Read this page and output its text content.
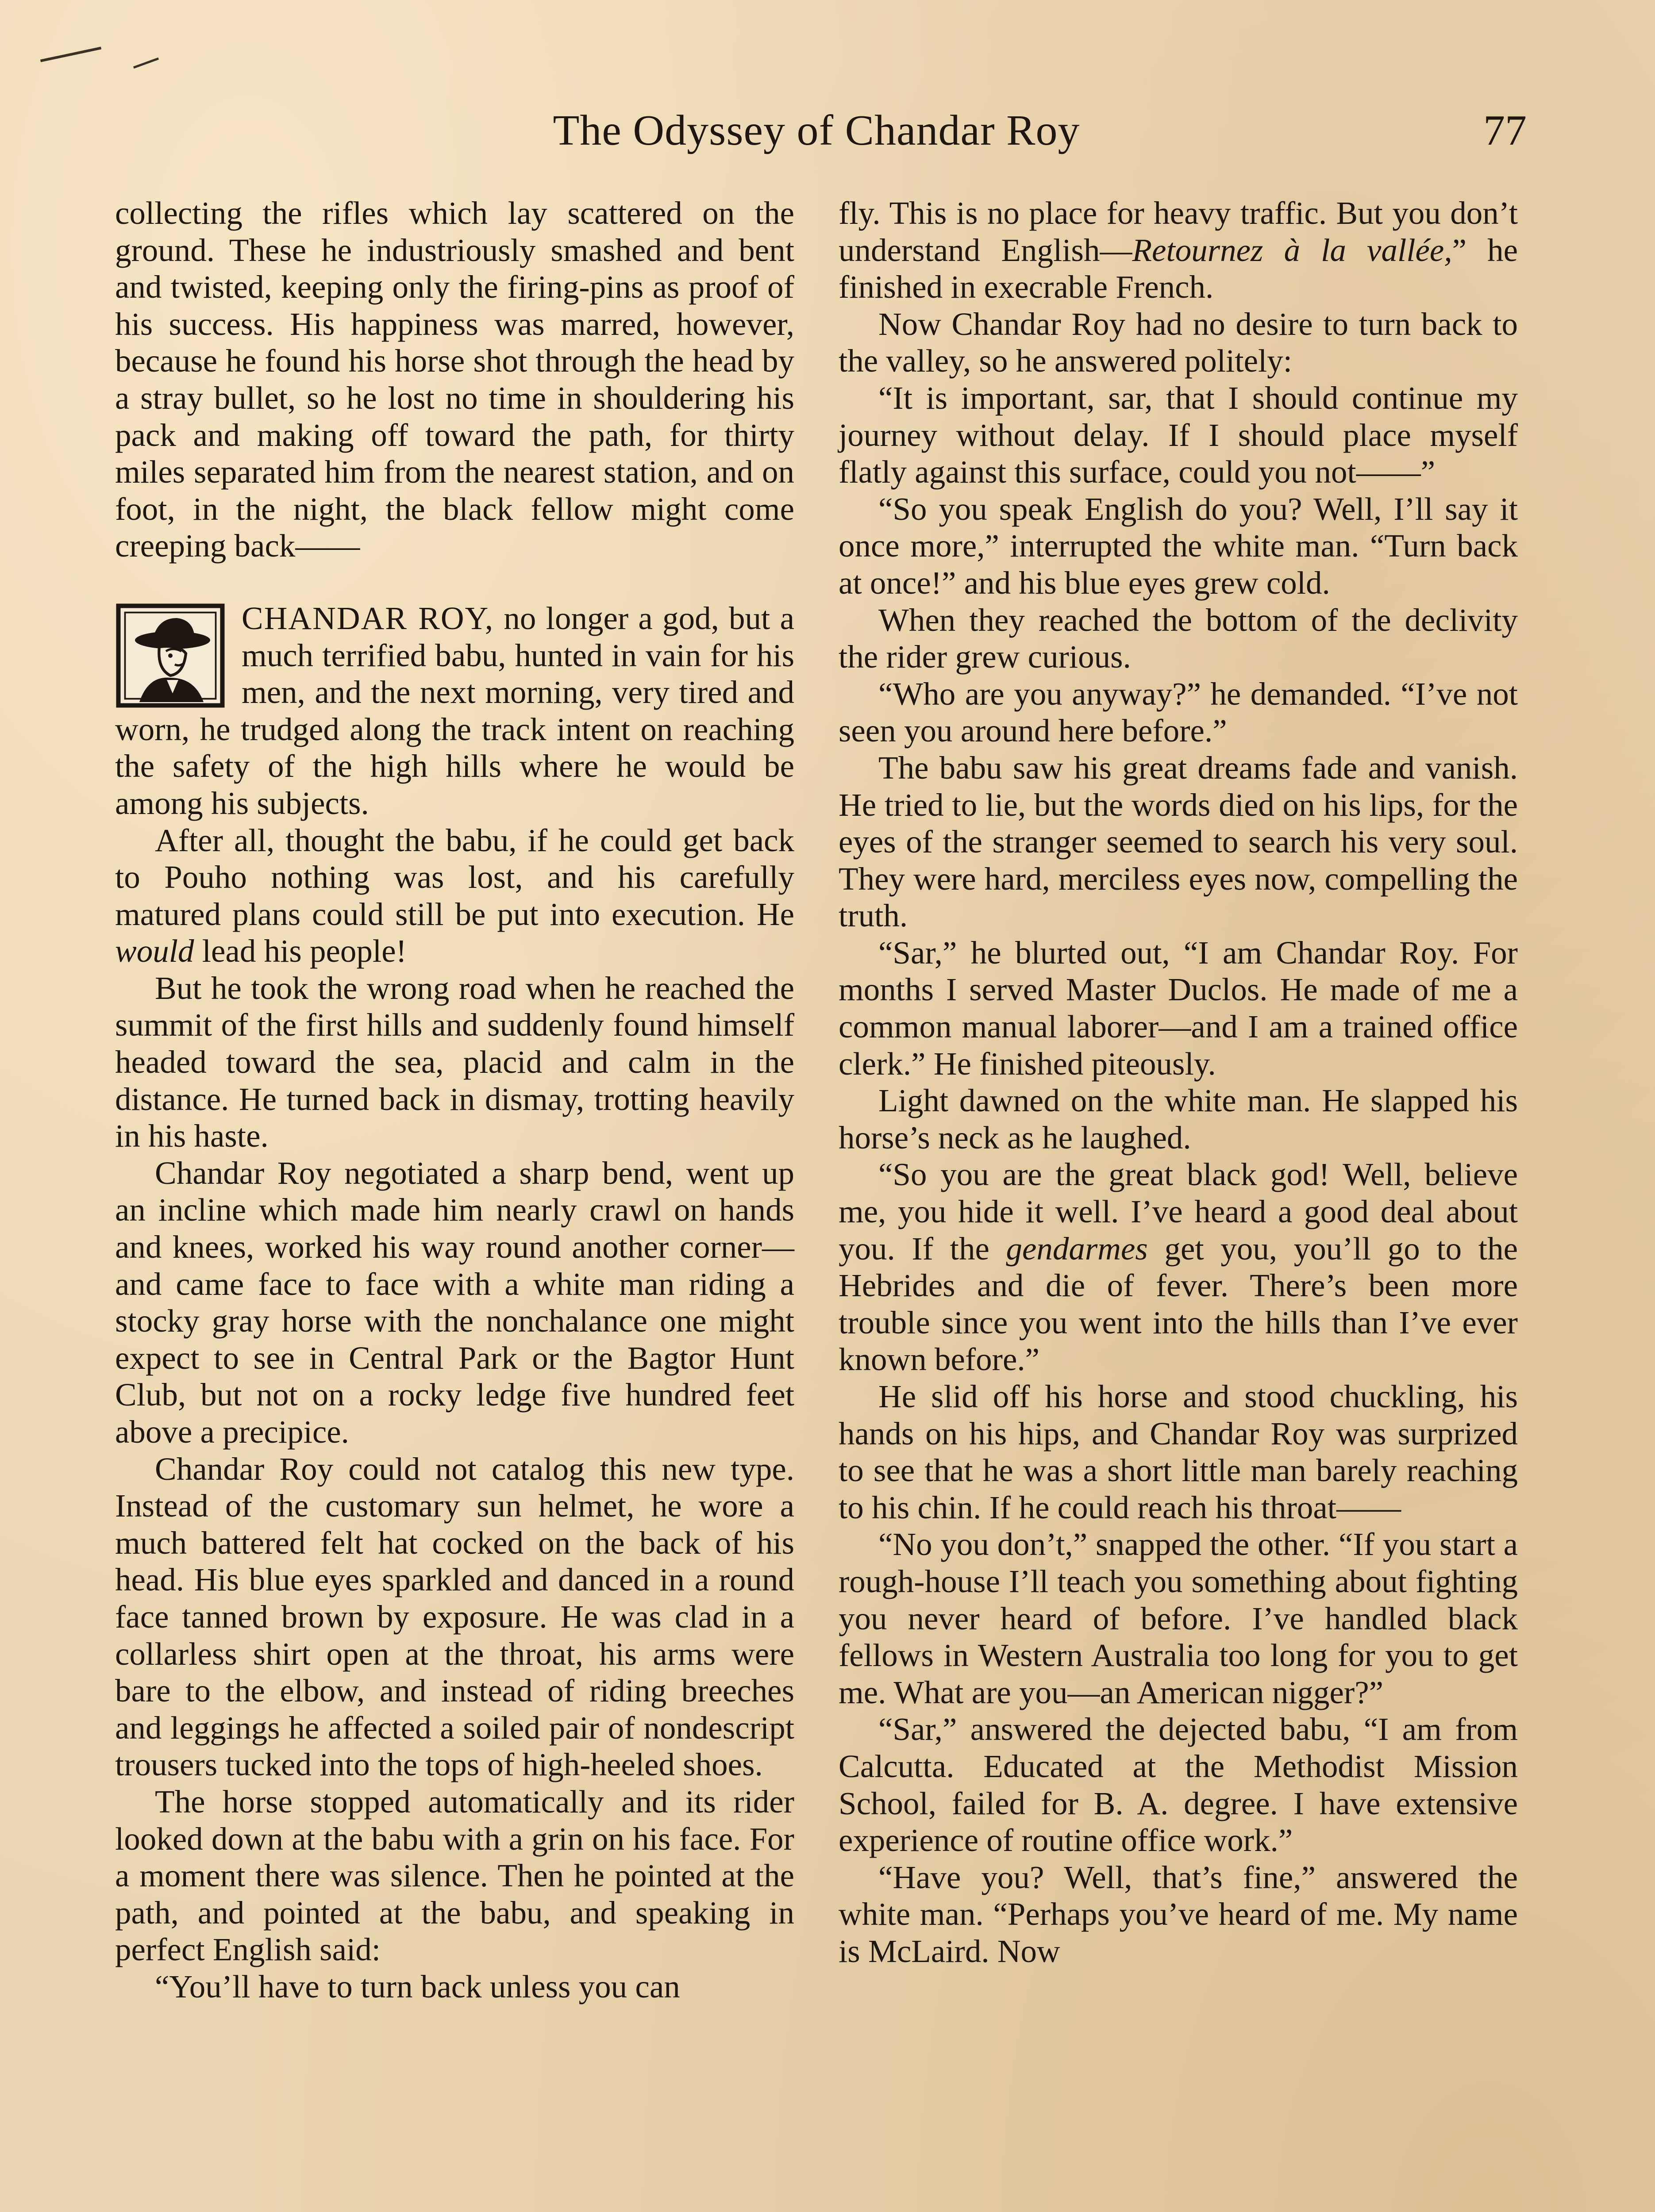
The Odyssey of Chandar Roy	77

collecting the rifles which lay scattered on the ground. These he industriously smashed and bent and twisted, keeping only the firing-pins as proof of his success. His happiness was marred, however, because he found his horse shot through the head by a stray bullet, so he lost no time in shouldering his pack and making off toward the path, for thirty miles separated him from the nearest station, and on foot, in the night, the black fellow might come creeping back——

CHANDAR ROY, no longer a god, but a much terrified babu, hunted in vain for his men, and the next morning, very tired and worn, he trudged along the track intent on reaching the safety of the high hills where he would be among his subjects.

After all, thought the babu, if he could get back to Pouho nothing was lost, and his carefully matured plans could still be put into execution. He would lead his people!

But he took the wrong road when he reached the summit of the first hills and suddenly found himself headed toward the sea, placid and calm in the distance. He turned back in dismay, trotting heavily in his haste.

Chandar Roy negotiated a sharp bend, went up an incline which made him nearly crawl on hands and knees, worked his way round another corner—and came face to face with a white man riding a stocky gray horse with the nonchalance one might expect to see in Central Park or the Bagtor Hunt Club, but not on a rocky ledge five hundred feet above a precipice.

Chandar Roy could not catalog this new type. Instead of the customary sun helmet, he wore a much battered felt hat cocked on the back of his head. His blue eyes sparkled and danced in a round face tanned brown by exposure. He was clad in a collarless shirt open at the throat, his arms were bare to the elbow, and instead of riding breeches and leggings he affected a soiled pair of nondescript trousers tucked into the tops of high-heeled shoes.

The horse stopped automatically and its rider looked down at the babu with a grin on his face. For a moment there was silence. Then he pointed at the path, and pointed at the babu, and speaking in perfect English said:

“You’ll have to turn back unless you can

fly. This is no place for heavy traffic. But you don’t understand English—Retournez à la vallée,” he finished in execrable French.

Now Chandar Roy had no desire to turn back to the valley, so he answered politely:

“It is important, sar, that I should continue my journey without delay. If I should place myself flatly against this surface, could you not——”

“So you speak English do you? Well, I’ll say it once more,” interrupted the white man. “Turn back at once!” and his blue eyes grew cold.

When they reached the bottom of the declivity the rider grew curious.

“Who are you anyway?” he demanded. “I’ve not seen you around here before.”

The babu saw his great dreams fade and vanish. He tried to lie, but the words died on his lips, for the eyes of the stranger seemed to search his very soul. They were hard, merciless eyes now, compelling the truth.

“Sar,” he blurted out, “I am Chandar Roy. For months I served Master Duclos. He made of me a common manual laborer—and I am a trained office clerk.” He finished piteously.

Light dawned on the white man. He slapped his horse’s neck as he laughed.

“So you are the great black god! Well, believe me, you hide it well. I’ve heard a good deal about you. If the gendarmes get you, you’ll go to the Hebrides and die of fever. There’s been more trouble since you went into the hills than I’ve ever known before.”

He slid off his horse and stood chuckling, his hands on his hips, and Chandar Roy was surprized to see that he was a short little man barely reaching to his chin. If he could reach his throat——

“No you don’t,” snapped the other. “If you start a rough-house I’ll teach you something about fighting you never heard of before. I’ve handled black fellows in Western Australia too long for you to get me. What are you—an American nigger?”

“Sar,” answered the dejected babu, “I am from Calcutta. Educated at the Methodist Mission School, failed for B. A. degree. I have extensive experience of routine office work.”

“Have you? Well, that’s fine,” answered the white man. “Perhaps you’ve heard of me. My name is McLaird. Now
